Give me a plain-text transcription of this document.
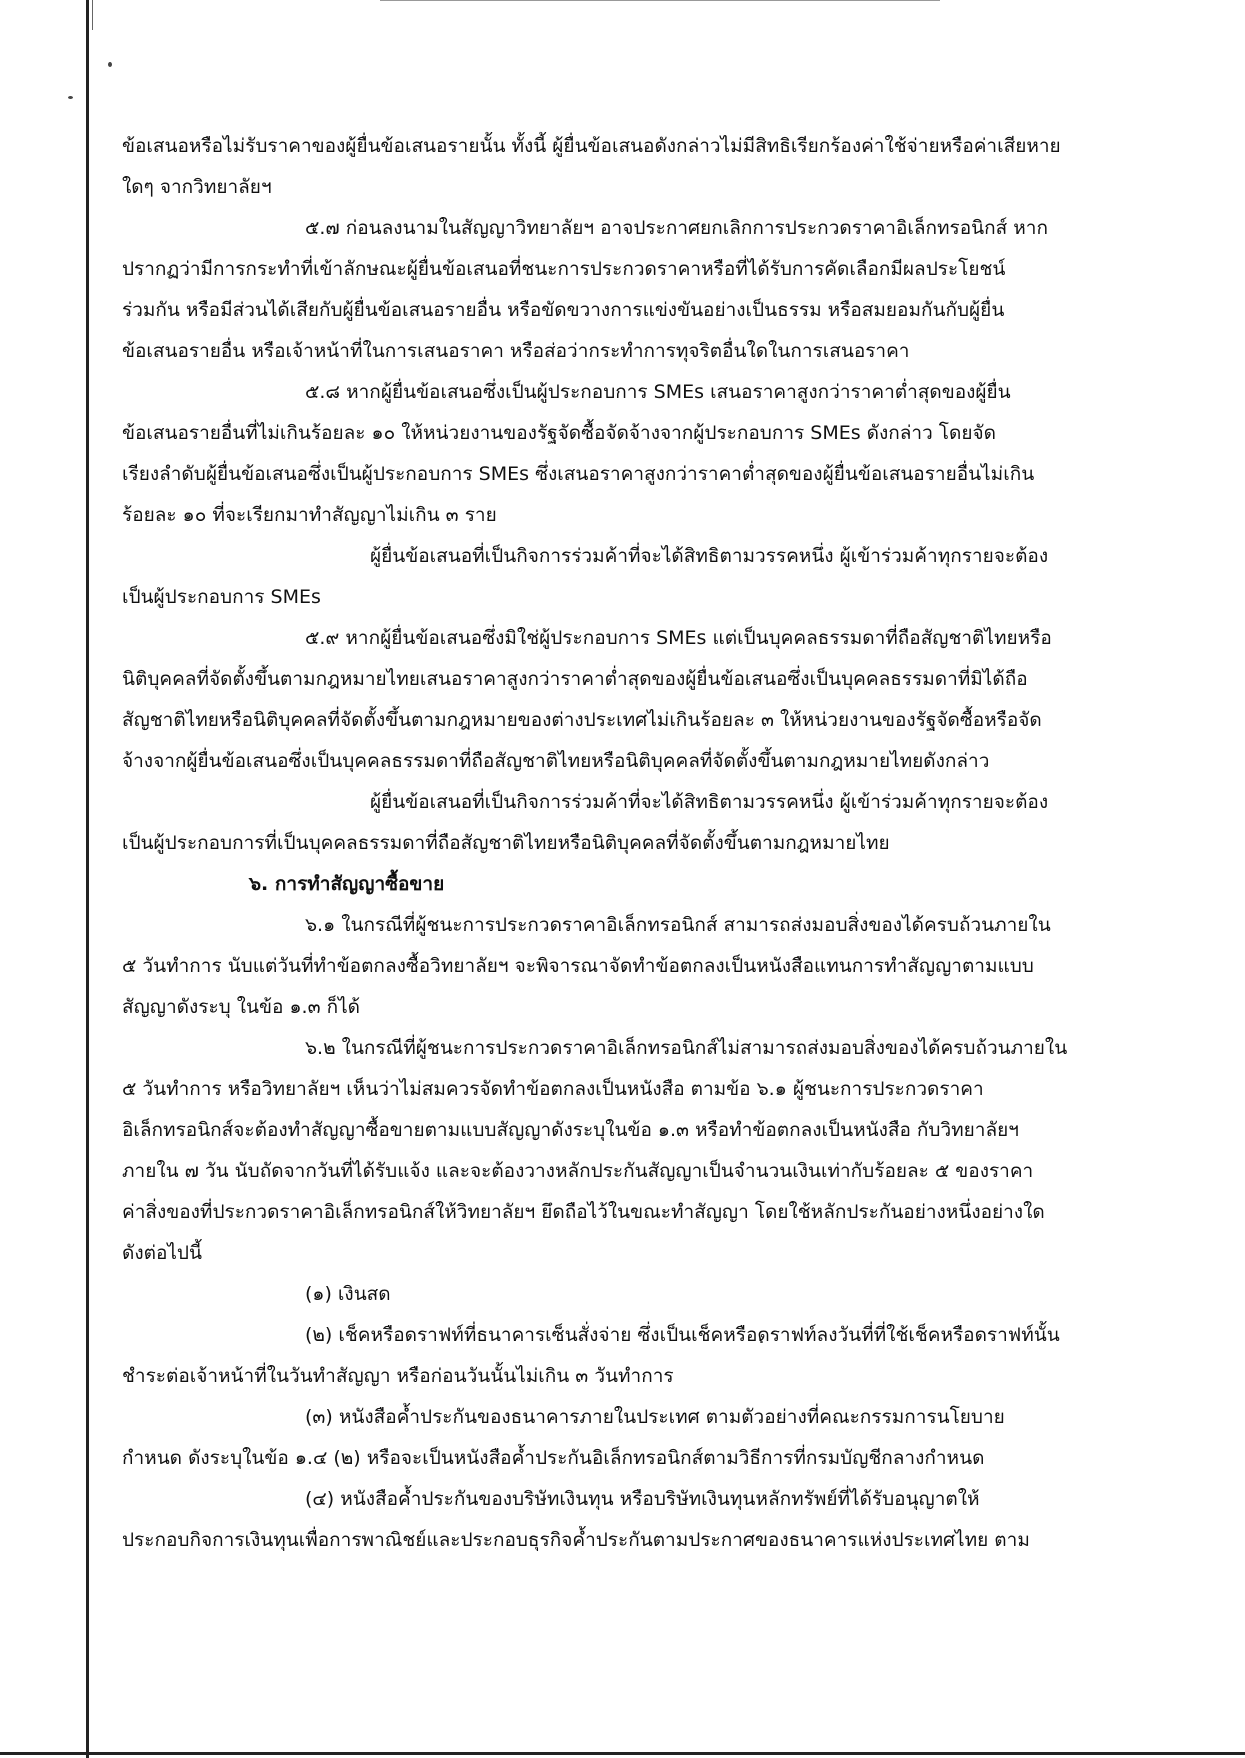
ข้อเสนอหรือไม่รับราคาของผู้ยื่นข้อเสนอรายนั้น ทั้งนี้ ผู้ยื่นข้อเสนอดังกล่าวไม่มีสิทธิเรียกร้องค่าใช้จ่ายหรือค่าเสียหาย
ใดๆ จากวิทยาลัยฯ
๕.๗ ก่อนลงนามในสัญญาวิทยาลัยฯ อาจประกาศยกเลิกการประกวดราคาอิเล็กทรอนิกส์ หาก
ปรากฏว่ามีการกระทำที่เข้าลักษณะผู้ยื่นข้อเสนอที่ชนะการประกวดราคาหรือที่ได้รับการคัดเลือกมีผลประโยชน์
ร่วมกัน หรือมีส่วนได้เสียกับผู้ยื่นข้อเสนอรายอื่น หรือขัดขวางการแข่งขันอย่างเป็นธรรม หรือสมยอมกันกับผู้ยื่น
ข้อเสนอรายอื่น หรือเจ้าหน้าที่ในการเสนอราคา หรือส่อว่ากระทำการทุจริตอื่นใดในการเสนอราคา
๕.๘ หากผู้ยื่นข้อเสนอซึ่งเป็นผู้ประกอบการ SMEs เสนอราคาสูงกว่าราคาต่ำสุดของผู้ยื่น
ข้อเสนอรายอื่นที่ไม่เกินร้อยละ ๑๐ ให้หน่วยงานของรัฐจัดซื้อจัดจ้างจากผู้ประกอบการ SMEs ดังกล่าว โดยจัด
เรียงลำดับผู้ยื่นข้อเสนอซึ่งเป็นผู้ประกอบการ SMEs ซึ่งเสนอราคาสูงกว่าราคาต่ำสุดของผู้ยื่นข้อเสนอรายอื่นไม่เกิน
ร้อยละ ๑๐ ที่จะเรียกมาทำสัญญาไม่เกิน ๓ ราย
ผู้ยื่นข้อเสนอที่เป็นกิจการร่วมค้าที่จะได้สิทธิตามวรรคหนึ่ง ผู้เข้าร่วมค้าทุกรายจะต้อง
เป็นผู้ประกอบการ SMEs
๕.๙ หากผู้ยื่นข้อเสนอซึ่งมิใช่ผู้ประกอบการ SMEs แต่เป็นบุคคลธรรมดาที่ถือสัญชาติไทยหรือ
นิติบุคคลที่จัดตั้งขึ้นตามกฎหมายไทยเสนอราคาสูงกว่าราคาต่ำสุดของผู้ยื่นข้อเสนอซึ่งเป็นบุคคลธรรมดาที่มิได้ถือ
สัญชาติไทยหรือนิติบุคคลที่จัดตั้งขึ้นตามกฎหมายของต่างประเทศไม่เกินร้อยละ ๓ ให้หน่วยงานของรัฐจัดซื้อหรือจัด
จ้างจากผู้ยื่นข้อเสนอซึ่งเป็นบุคคลธรรมดาที่ถือสัญชาติไทยหรือนิติบุคคลที่จัดตั้งขึ้นตามกฎหมายไทยดังกล่าว
ผู้ยื่นข้อเสนอที่เป็นกิจการร่วมค้าที่จะได้สิทธิตามวรรคหนึ่ง ผู้เข้าร่วมค้าทุกรายจะต้อง
เป็นผู้ประกอบการที่เป็นบุคคลธรรมดาที่ถือสัญชาติไทยหรือนิติบุคคลที่จัดตั้งขึ้นตามกฎหมายไทย
๖. การทำสัญญาซื้อขาย
๖.๑ ในกรณีที่ผู้ชนะการประกวดราคาอิเล็กทรอนิกส์ สามารถส่งมอบสิ่งของได้ครบถ้วนภายใน
๕ วันทำการ นับแต่วันที่ทำข้อตกลงซื้อวิทยาลัยฯ จะพิจารณาจัดทำข้อตกลงเป็นหนังสือแทนการทำสัญญาตามแบบ
สัญญาดังระบุ ในข้อ ๑.๓ ก็ได้
๖.๒ ในกรณีที่ผู้ชนะการประกวดราคาอิเล็กทรอนิกส์ไม่สามารถส่งมอบสิ่งของได้ครบถ้วนภายใน
๕ วันทำการ หรือวิทยาลัยฯ เห็นว่าไม่สมควรจัดทำข้อตกลงเป็นหนังสือ ตามข้อ ๖.๑ ผู้ชนะการประกวดราคา
อิเล็กทรอนิกส์จะต้องทำสัญญาซื้อขายตามแบบสัญญาดังระบุในข้อ ๑.๓ หรือทำข้อตกลงเป็นหนังสือ กับวิทยาลัยฯ
ภายใน ๗ วัน นับถัดจากวันที่ได้รับแจ้ง และจะต้องวางหลักประกันสัญญาเป็นจำนวนเงินเท่ากับร้อยละ ๕ ของราคา
ค่าสิ่งของที่ประกวดราคาอิเล็กทรอนิกส์ให้วิทยาลัยฯ ยึดถือไว้ในขณะทำสัญญา โดยใช้หลักประกันอย่างหนึ่งอย่างใด
ดังต่อไปนี้
(๑) เงินสด
(๒) เช็คหรือดราฟท์ที่ธนาคารเซ็นสั่งจ่าย ซึ่งเป็นเช็คหรือดราฟท์ลงวันที่ที่ใช้เช็คหรือดราฟท์นั้น
ชำระต่อเจ้าหน้าที่ในวันทำสัญญา หรือก่อนวันนั้นไม่เกิน ๓ วันทำการ
(๓) หนังสือค้ำประกันของธนาคารภายในประเทศ ตามตัวอย่างที่คณะกรรมการนโยบาย
กำหนด ดังระบุในข้อ ๑.๔ (๒) หรือจะเป็นหนังสือค้ำประกันอิเล็กทรอนิกส์ตามวิธีการที่กรมบัญชีกลางกำหนด
(๔) หนังสือค้ำประกันของบริษัทเงินทุน หรือบริษัทเงินทุนหลักทรัพย์ที่ได้รับอนุญาตให้
ประกอบกิจการเงินทุนเพื่อการพาณิชย์และประกอบธุรกิจค้ำประกันตามประกาศของธนาคารแห่งประเทศไทย ตาม
